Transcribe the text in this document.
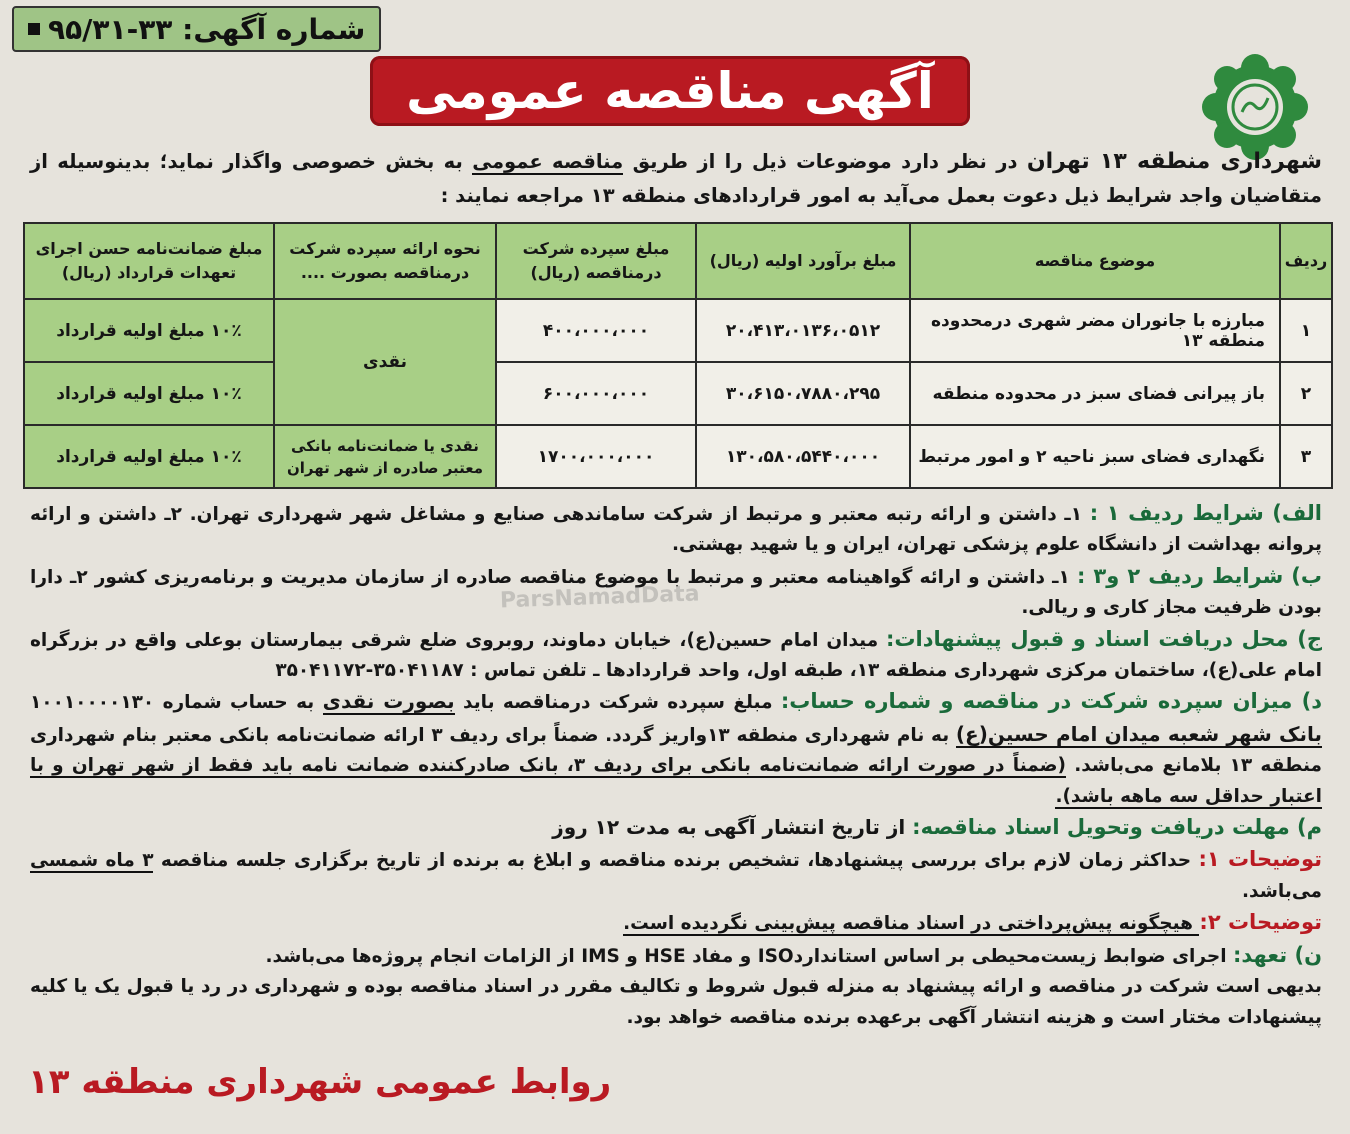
شماره آگهی: ۳۳-۹۵/۳۱
آگهی مناقصه عمومی
شهرداری منطقه ۱۳ تهران در نظر دارد موضوعات ذیل را از طریق مناقصه عمومی به بخش خصوصی واگذار نماید؛ بدینوسیله از متقاضیان واجد شرایط ذیل دعوت بعمل می‌آید به امور قراردادهای منطقه ۱۳ مراجعه نمایند :
ردیف	موضوع مناقصه	مبلغ برآورد اولیه (ریال)	مبلغ سپرده شرکت درمناقصه (ریال)	نحوه ارائه سپرده شرکت درمناقصه بصورت ....	مبلغ ضمانت‌نامه حسن اجرای تعهدات قرارداد (ریال)
۱	مبارزه با جانوران مضر شهری درمحدوده منطقه ۱۳	۲۰،۴۱۳،۰۱۳۶،۰۵۱۲	۴۰۰،۰۰۰،۰۰۰	نقدی	۱۰٪ مبلغ اولیه قرارداد
۲	باز پیرانی فضای سبز در محدوده منطقه	۳۰،۶۱۵۰،۷۸۸۰،۲۹۵	۶۰۰،۰۰۰،۰۰۰		۱۰٪ مبلغ اولیه قرارداد
۳	نگهداری فضای سبز ناحیه ۲ و امور مرتبط	۱۳۰،۵۸۰،۵۴۴۰،۰۰۰	۱۷۰۰،۰۰۰،۰۰۰	نقدی یا ضمانت‌نامه بانکی معتبر صادره از شهر تهران	۱۰٪ مبلغ اولیه قرارداد

الف) شرایط ردیف ۱ : ۱ـ داشتن و ارائه رتبه معتبر و مرتبط از شرکت ساماندهی صنایع و مشاغل شهر شهرداری تهران. ۲ـ داشتن و ارائه پروانه بهداشت از دانشگاه علوم پزشکی تهران، ایران و یا شهید بهشتی.

ب) شرایط ردیف ۲ و۳ : ۱ـ داشتن و ارائه گواهینامه معتبر و مرتبط با موضوع مناقصه صادره از سازمان مدیریت و برنامه‌ریزی کشور ۲ـ دارا بودن ظرفیت مجاز کاری و ریالی.

ج) محل دریافت اسناد و قبول پیشنهادات: میدان امام حسین(ع)، خیابان دماوند، روبروی ضلع شرقی بیمارستان بوعلی واقع در بزرگراه امام علی(ع)، ساختمان مرکزی شهرداری منطقه ۱۳، طبقه اول، واحد قراردادها ـ تلفن تماس : ۳۵۰۴۱۱۸۷-۳۵۰۴۱۱۷۲

د) میزان سپرده شرکت در مناقصه و شماره حساب: مبلغ سپرده شرکت درمناقصه باید بصورت نقدی به حساب شماره ۱۰۰۱۰۰۰۰۱۳۰ بانک شهر شعبه میدان امام حسین(ع) به نام شهرداری منطقه ۱۳واریز گردد. ضمناً برای ردیف ۳ ارائه ضمانت‌نامه بانکی معتبر بنام شهرداری منطقه ۱۳ بلامانع می‌باشد. (ضمناً در صورت ارائه ضمانت‌نامه بانکی برای ردیف ۳، بانک صادرکننده ضمانت نامه باید فقط از شهر تهران و با اعتبار حداقل سه ماهه باشد).

م) مهلت دریافت وتحویل اسناد مناقصه: از تاریخ انتشار آگهی به مدت ۱۲ روز

توضیحات ۱: حداکثر زمان لازم برای بررسی پیشنهادها، تشخیص برنده مناقصه و ابلاغ به برنده از تاریخ برگزاری جلسه مناقصه ۳ ماه شمسی می‌باشد.

توضیحات ۲: هیچگونه پیش‌پرداختی در اسناد مناقصه پیش‌بینی نگردیده است.

ن) تعهد: اجرای ضوابط زیست‌محیطی بر اساس استانداردISO و مفاد HSE و IMS از الزامات انجام پروژه‌ها می‌باشد.

بدیهی است شرکت در مناقصه و ارائه پیشنهاد به منزله قبول شروط و تکالیف مقرر در اسناد مناقصه بوده و شهرداری در رد یا قبول یک یا کلیه پیشنهادات مختار است و هزینه انتشار آگهی برعهده برنده مناقصه خواهد بود.

ParsNamadData
روابط عمومی شهرداری منطقه ۱۳
